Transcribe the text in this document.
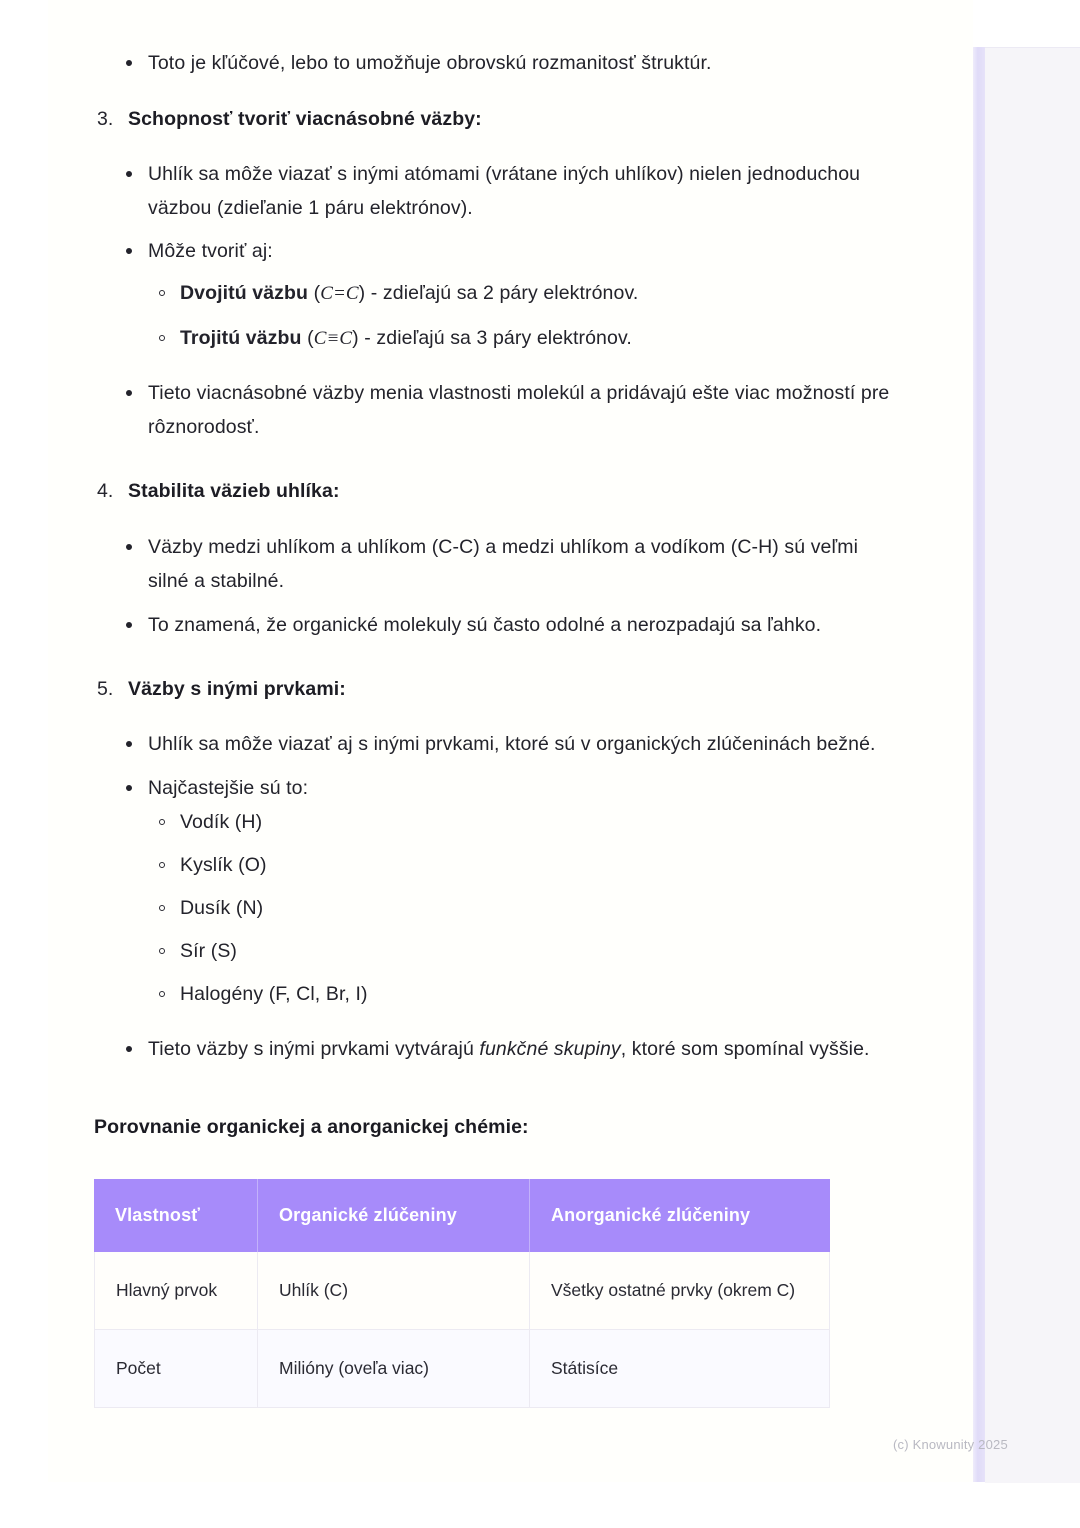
Toto je kľúčové, lebo to umožňuje obrovskú rozmanitosť štruktúr.
3. Schopnosť tvoriť viacnásobné väzby:
Uhlík sa môže viazať s inými atómami (vrátane iných uhlíkov) nielen jednoduchou väzbou (zdieľanie 1 páru elektrónov).
Môže tvoriť aj:
Dvojitú väzbu (C=C) - zdieľajú sa 2 páry elektrónov.
Trojitú väzbu (C≡C) - zdieľajú sa 3 páry elektrónov.
Tieto viacnásobné väzby menia vlastnosti molekúl a pridávajú ešte viac možností pre rôznorodosť.
4. Stabilita väzieb uhlíka:
Väzby medzi uhlíkom a uhlíkom (C-C) a medzi uhlíkom a vodíkom (C-H) sú veľmi silné a stabilné.
To znamená, že organické molekuly sú často odolné a nerozpadajú sa ľahko.
5. Väzby s inými prvkami:
Uhlík sa môže viazať aj s inými prvkami, ktoré sú v organických zlúčeninách bežné.
Najčastejšie sú to:
Vodík (H)
Kyslík (O)
Dusík (N)
Sír (S)
Halogény (F, Cl, Br, I)
Tieto väzby s inými prvkami vytvárajú funkčné skupiny, ktoré som spomínal vyššie.
Porovnanie organickej a anorganickej chémie:
Vlastnosť	Organické zlúčeniny	Anorganické zlúčeniny
Hlavný prvok	Uhlík (C)	Všetky ostatné prvky (okrem C)
Počet	Milióny (oveľa viac)	Státisíce
(c) Knowunity 2025
